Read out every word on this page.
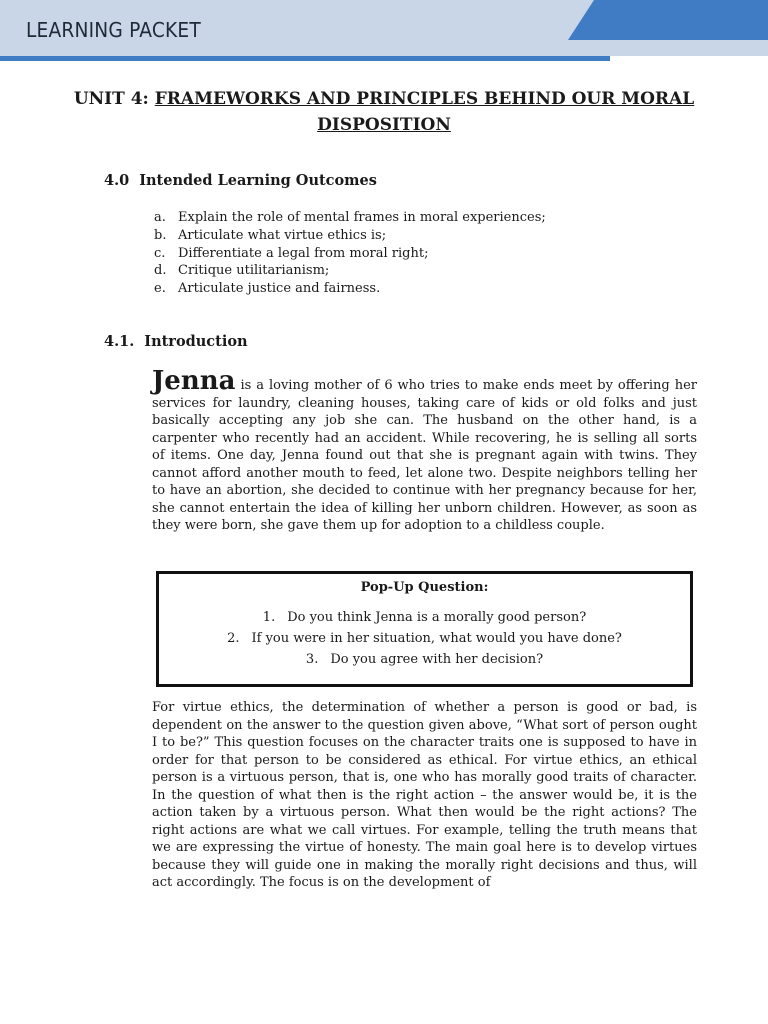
LEARNING PACKET
UNIT 4: FRAMEWORKS AND PRINCIPLES BEHIND OUR MORAL
DISPOSITION
4.0 Intended Learning Outcomes
a. Explain the role of mental frames in moral experiences;
b. Articulate what virtue ethics is;
c. Differentiate a legal from moral right;
d. Critique utilitarianism;
e. Articulate justice and fairness.
4.1. Introduction

Jenna is a loving mother of 6 who tries to make ends meet by offering her services for laundry, cleaning houses, taking care of kids or old folks and just basically accepting any job she can. The husband on the other hand, is a carpenter who recently had an accident. While recovering, he is selling all sorts of items. One day, Jenna found out that she is pregnant again with twins. They cannot afford another mouth to feed, let alone two. Despite neighbors telling her to have an abortion, she decided to continue with her pregnancy because for her, she cannot entertain the idea of killing her unborn children. However, as soon as they were born, she gave them up for adoption to a childless couple.

Pop-Up Question:
1. Do you think Jenna is a morally good person?
2. If you were in her situation, what would you have done?
3. Do you agree with her decision?

For virtue ethics, the determination of whether a person is good or bad, is dependent on the answer to the question given above, “What sort of person ought I to be?” This question focuses on the character traits one is supposed to have in order for that person to be considered as ethical. For virtue ethics, an ethical person is a virtuous person, that is, one who has morally good traits of character. In the question of what then is the right action – the answer would be, it is the action taken by a virtuous person. What then would be the right actions? The right actions are what we call virtues. For example, telling the truth means that we are expressing the virtue of honesty. The main goal here is to develop virtues because they will guide one in making the morally right decisions and thus, will act accordingly. The focus is on the development of
